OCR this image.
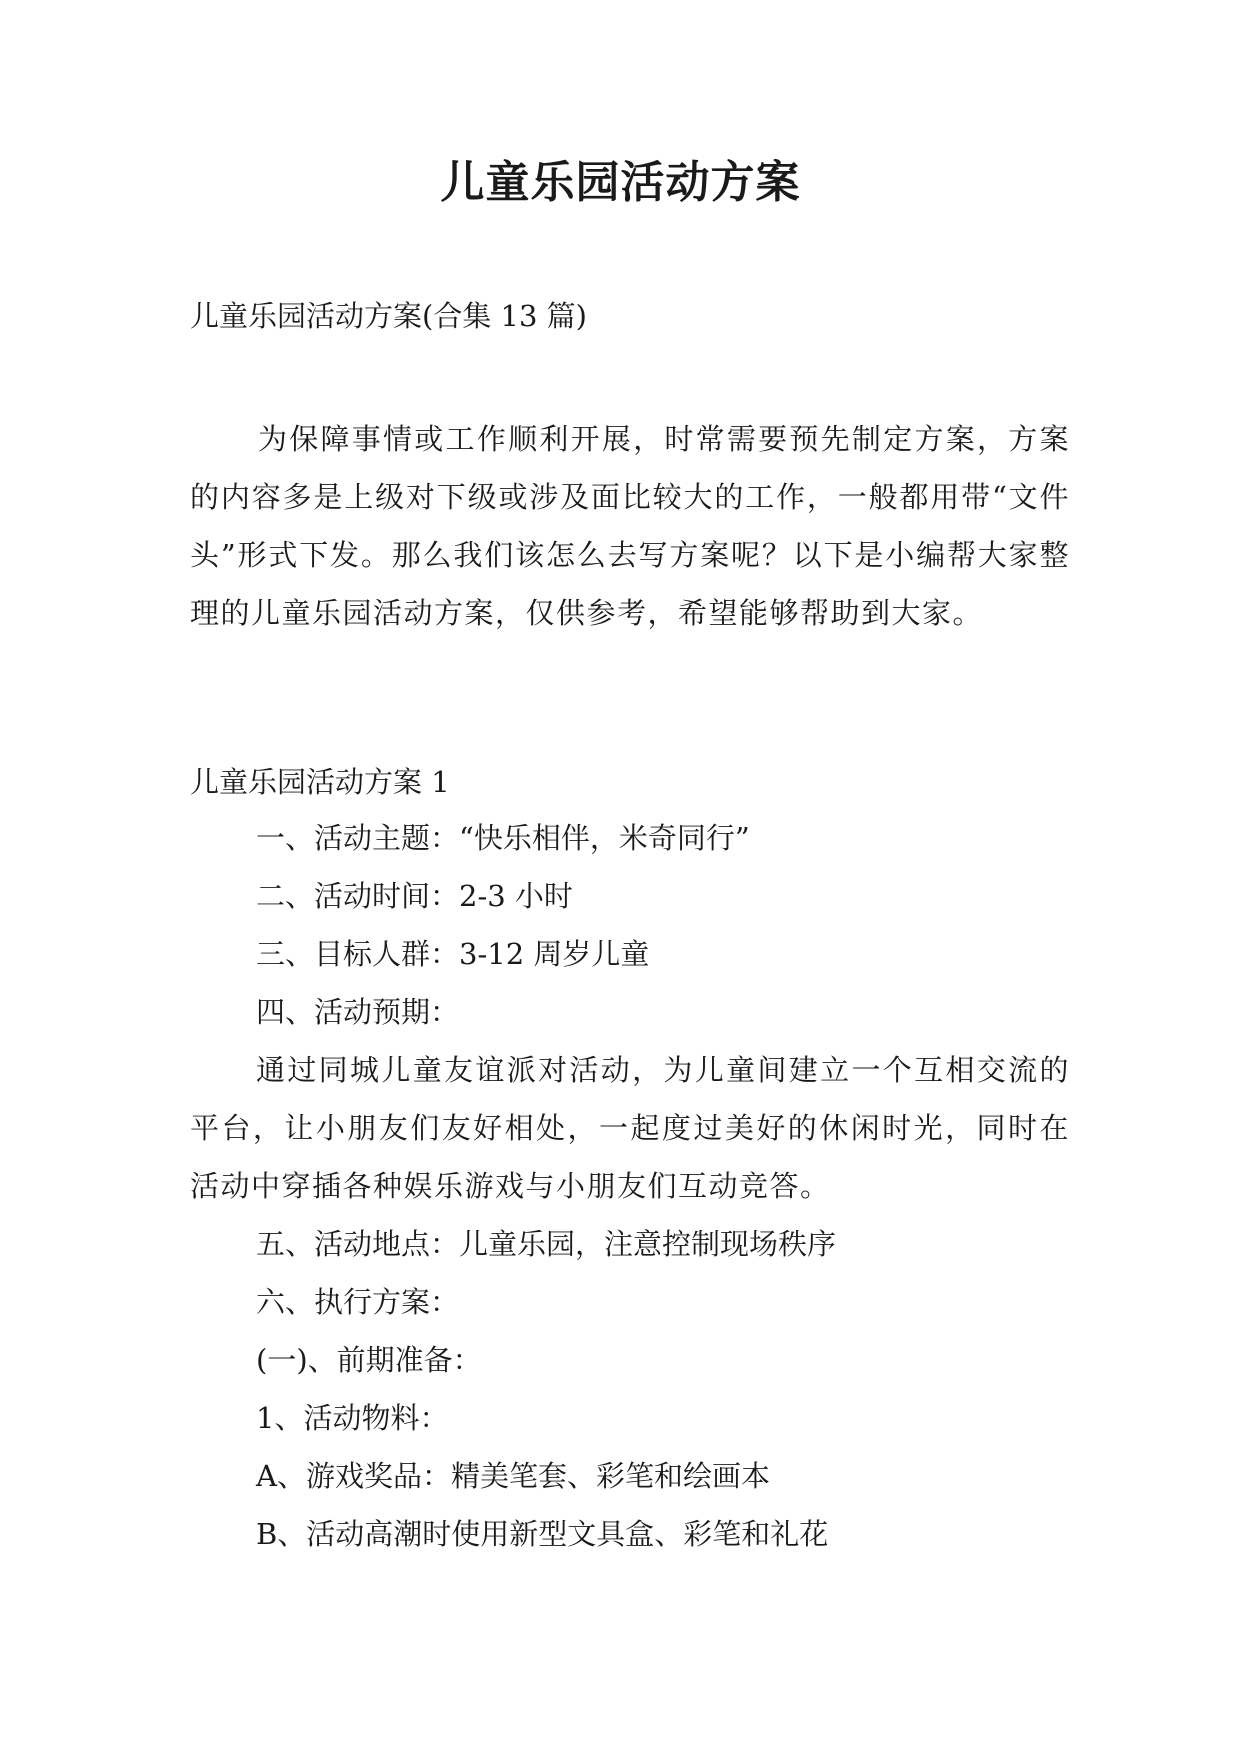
儿童乐园活动方案
儿童乐园活动方案(合集 13 篇)
为保障事情或工作顺利开展，时常需要预先制定方案，方案的内容多是上级对下级或涉及面比较大的工作，一般都用带“文件头”形式下发。那么我们该怎么去写方案呢？以下是小编帮大家整理的儿童乐园活动方案，仅供参考，希望能够帮助到大家。
儿童乐园活动方案 1
一、活动主题：“快乐相伴，米奇同行”
二、活动时间：2-3 小时
三、目标人群：3-12 周岁儿童
四、活动预期：
通过同城儿童友谊派对活动，为儿童间建立一个互相交流的平台，让小朋友们友好相处，一起度过美好的休闲时光，同时在活动中穿插各种娱乐游戏与小朋友们互动竞答。
五、活动地点：儿童乐园，注意控制现场秩序
六、执行方案：
(一)、前期准备：
1、活动物料：
A、游戏奖品：精美笔套、彩笔和绘画本
B、活动高潮时使用新型文具盒、彩笔和礼花
